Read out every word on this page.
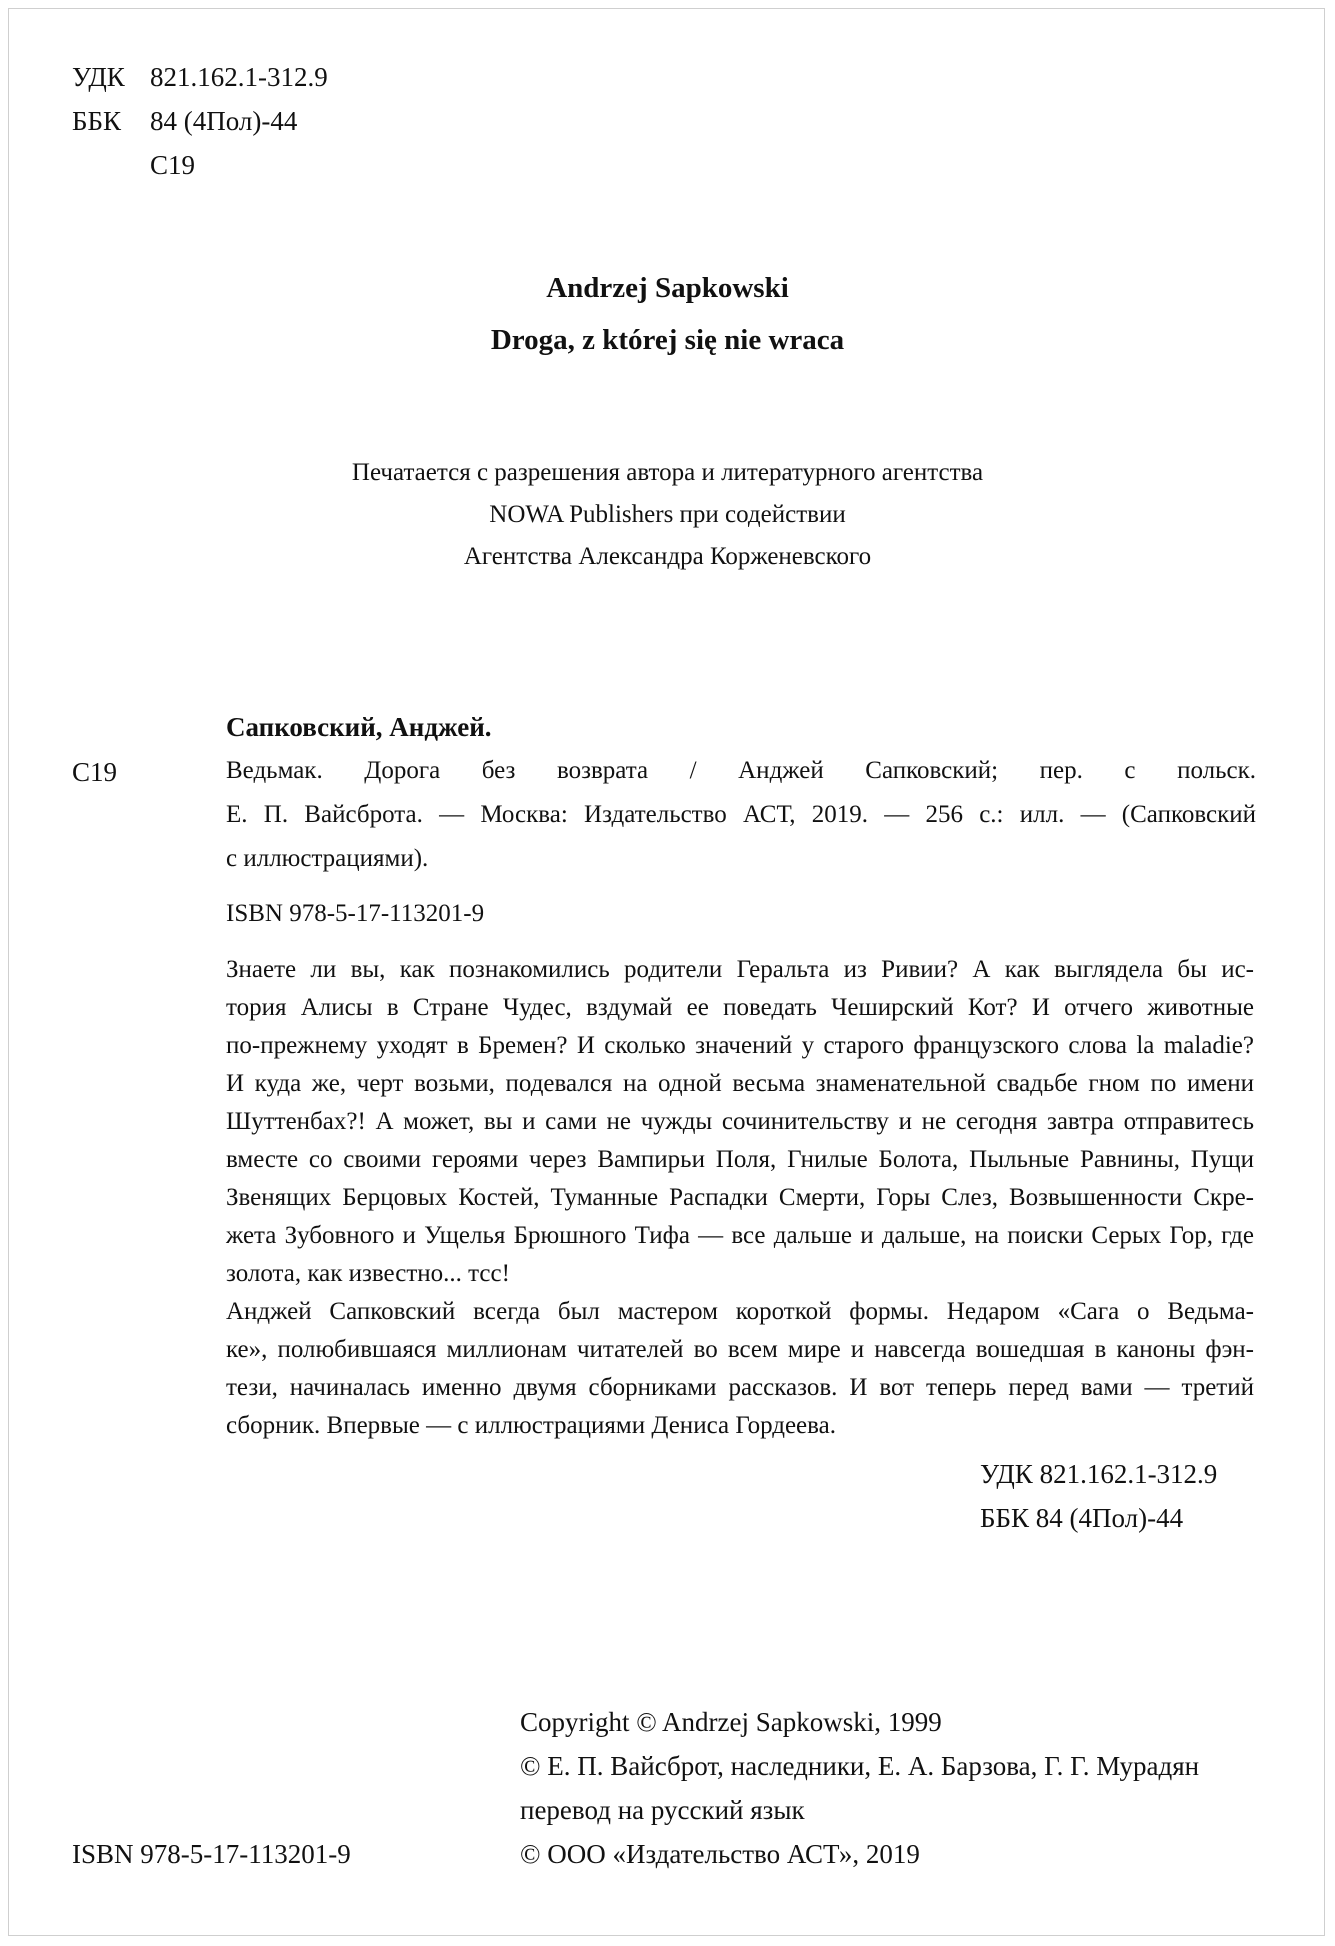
УДК 821.162.1-312.9
ББК 84 (4Пол)-44
С19
Andrzej Sapkowski
Droga, z której się nie wraca
Печатается с разрешения автора и литературного агентства
NOWA Publishers при содействии
Агентства Александра Корженевского
Сапковский, Анджей.
С19	Ведьмак. Дорога без возврата / Анджей Сапковский; пер. с польск.
Е. П. Вайсброта. — Москва: Издательство АСТ, 2019. — 256 с.: илл. — (Сапковский
с иллюстрациями).
ISBN 978-5-17-113201-9
Знаете ли вы, как познакомились родители Геральта из Ривии? А как выглядела бы ис-
тория Алисы в Стране Чудес, вздумай ее поведать Чеширский Кот? И отчего животные
по-прежнему уходят в Бремен? И сколько значений у старого французского слова la maladie?
И куда же, черт возьми, подевался на одной весьма знаменательной свадьбе гном по имени
Шуттенбах?! А может, вы и сами не чужды сочинительству и не сегодня завтра отправитесь
вместе со своими героями через Вампирьи Поля, Гнилые Болота, Пыльные Равнины, Пущи
Звенящих Берцовых Костей, Туманные Распадки Смерти, Горы Слез, Возвышенности Скре-
жета Зубовного и Ущелья Брюшного Тифа — все дальше и дальше, на поиски Серых Гор, где
золота, как известно... тсс!
Анджей Сапковский всегда был мастером короткой формы. Недаром «Сага о Ведьма-
ке», полюбившаяся миллионам читателей во всем мире и навсегда вошедшая в каноны фэн-
тези, начиналась именно двумя сборниками рассказов. И вот теперь перед вами — третий
сборник. Впервые — с иллюстрациями Дениса Гордеева.
УДК 821.162.1-312.9
ББК 84 (4Пол)-44
Copyright © Andrzej Sapkowski, 1999
© Е. П. Вайсброт, наследники, Е. А. Барзова, Г. Г. Мурадян
перевод на русский язык
ISBN 978-5-17-113201-9	© ООО «Издательство АСТ», 2019
